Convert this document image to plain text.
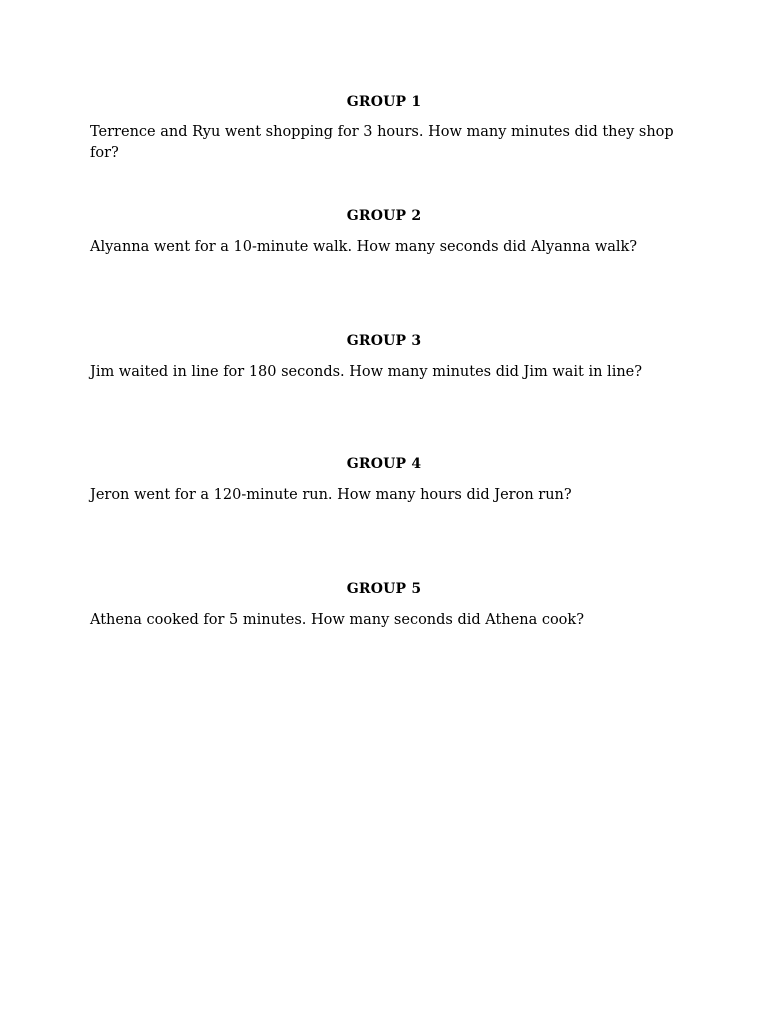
GROUP 1
Terrence and Ryu went shopping for 3 hours. How many minutes did they shop for?
GROUP 2
Alyanna went for a 10-minute walk. How many seconds did Alyanna walk?
GROUP 3
Jim waited in line for 180 seconds. How many minutes did Jim wait in line?
GROUP 4
Jeron went for a 120-minute run. How many hours did Jeron run?
GROUP 5
Athena cooked for 5 minutes. How many seconds did Athena cook?
